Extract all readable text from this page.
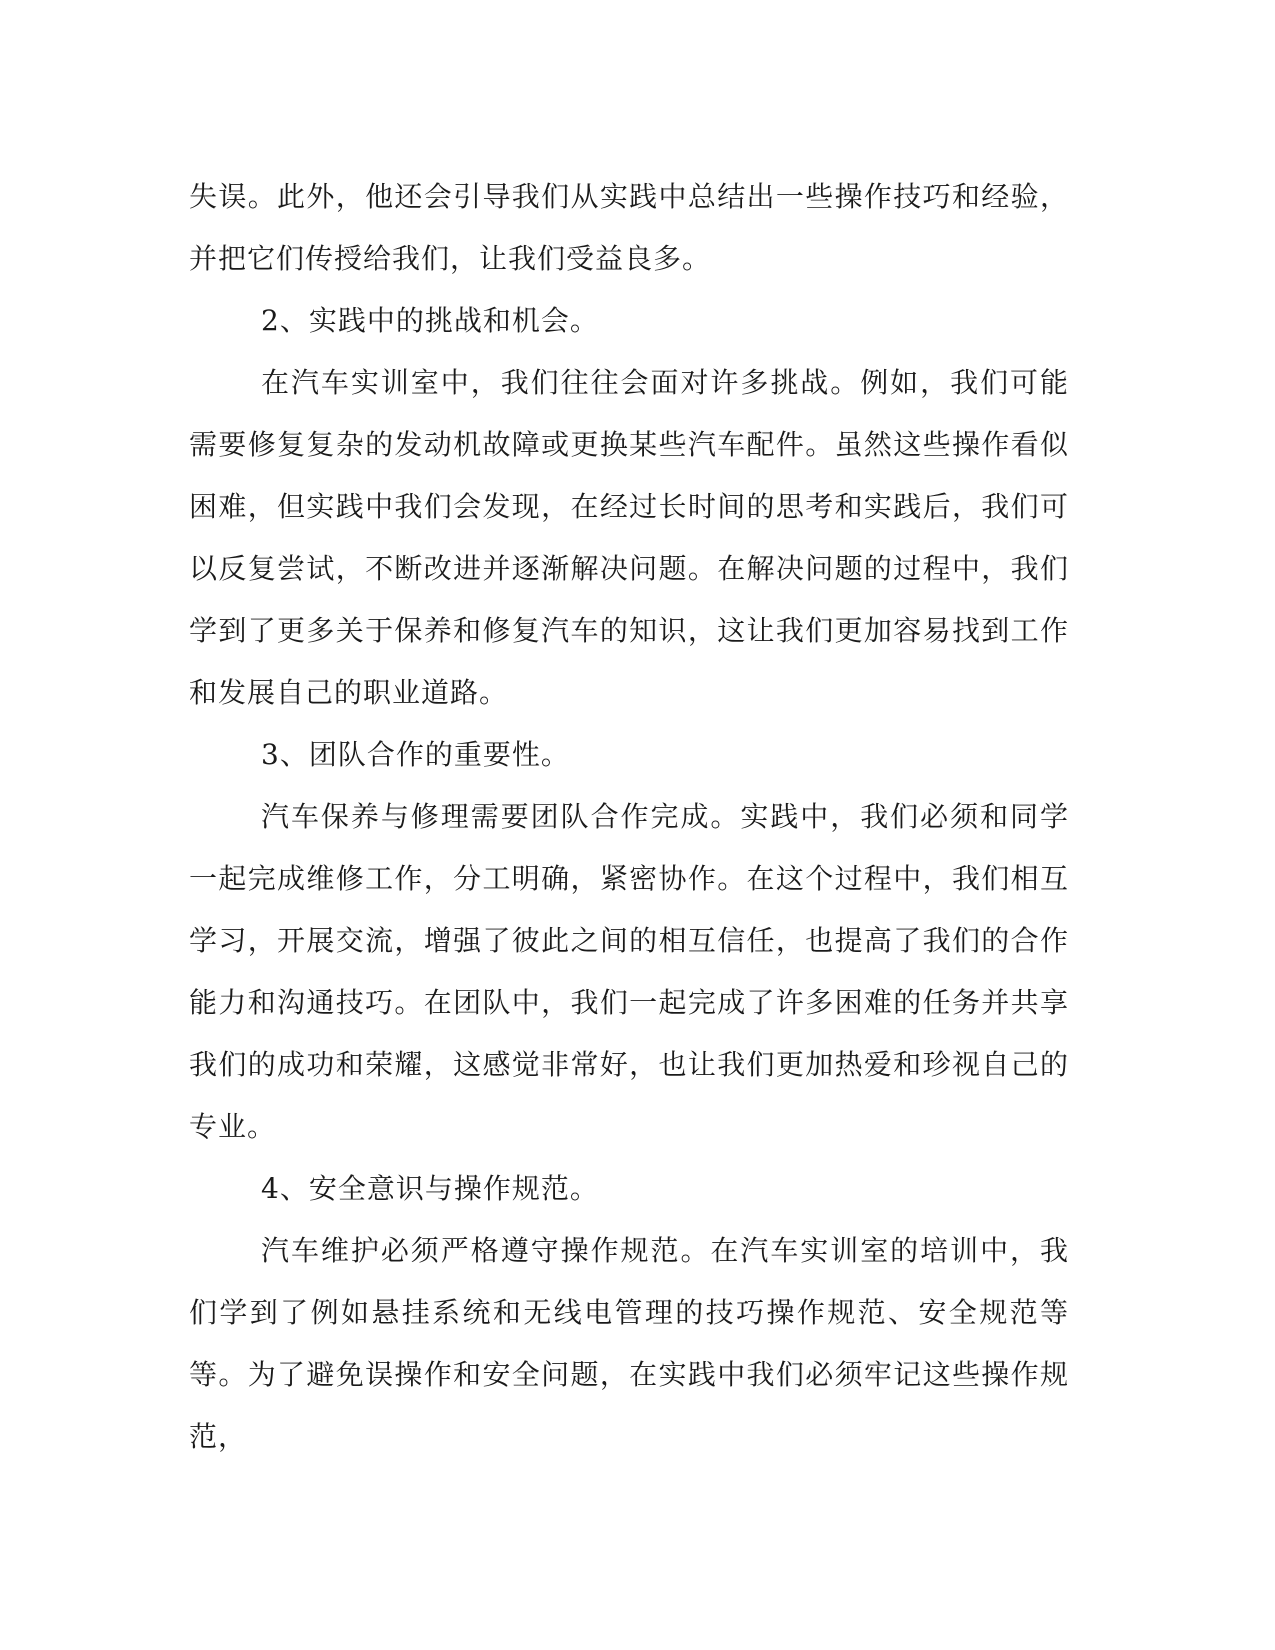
失误。此外，他还会引导我们从实践中总结出一些操作技巧和经验，并把它们传授给我们，让我们受益良多。

2、实践中的挑战和机会。

在汽车实训室中，我们往往会面对许多挑战。例如，我们可能需要修复复杂的发动机故障或更换某些汽车配件。虽然这些操作看似困难，但实践中我们会发现，在经过长时间的思考和实践后，我们可以反复尝试，不断改进并逐渐解决问题。在解决问题的过程中，我们学到了更多关于保养和修复汽车的知识，这让我们更加容易找到工作和发展自己的职业道路。

3、团队合作的重要性。

汽车保养与修理需要团队合作完成。实践中，我们必须和同学一起完成维修工作，分工明确，紧密协作。在这个过程中，我们相互学习，开展交流，增强了彼此之间的相互信任，也提高了我们的合作能力和沟通技巧。在团队中，我们一起完成了许多困难的任务并共享我们的成功和荣耀，这感觉非常好，也让我们更加热爱和珍视自己的专业。

4、安全意识与操作规范。

汽车维护必须严格遵守操作规范。在汽车实训室的培训中，我们学到了例如悬挂系统和无线电管理的技巧操作规范、安全规范等等。为了避免误操作和安全问题，在实践中我们必须牢记这些操作规范，
